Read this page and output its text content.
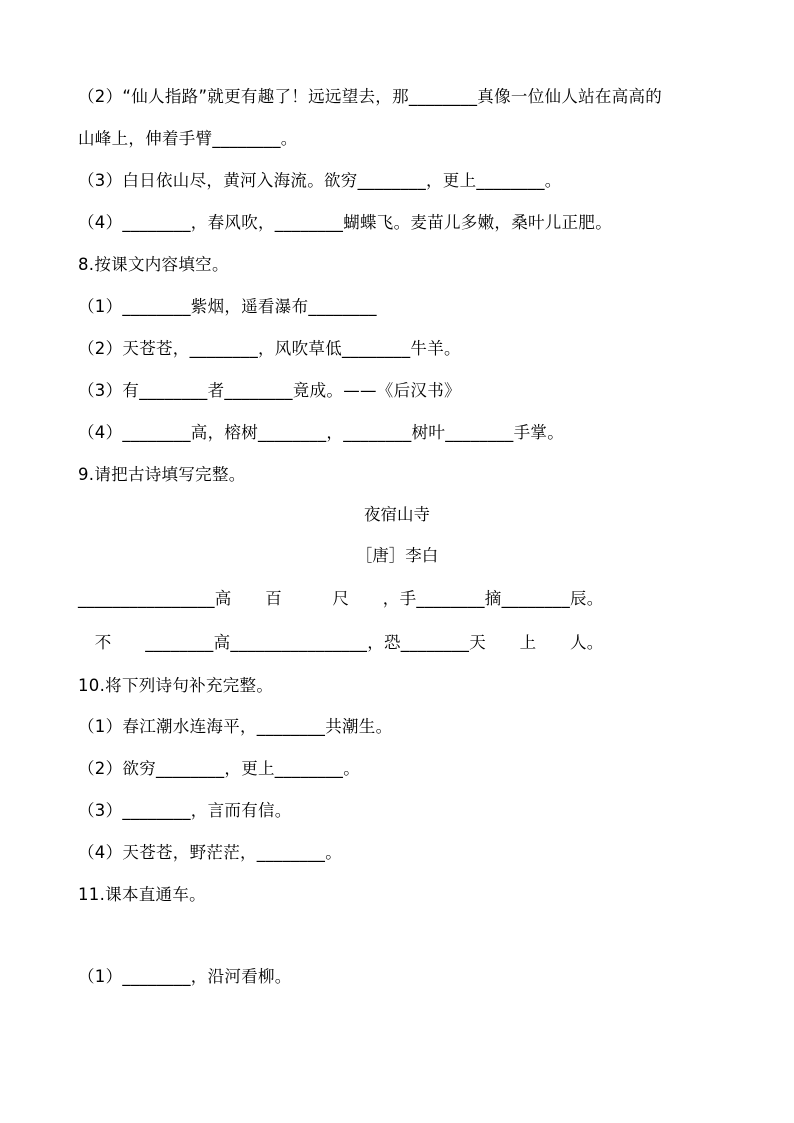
（2）“仙人指路”就更有趣了！远远望去，那________真像一位仙人站在高高的
山峰上，伸着手臂________。
（3）白日依山尽，黄河入海流。欲穷________，更上________。
（4）________，春风吹，________蝴蝶飞。麦苗儿多嫩，桑叶儿正肥。
8.按课文内容填空。
（1）________紫烟，遥看瀑布________
（2）天苍苍，________，风吹草低________牛羊。
（3）有________者________竟成。——《后汉书》
（4）________高，榕树________，________树叶________手掌。
9.请把古诗填写完整。
夜宿山寺
［唐］李白
________________高　　百　　　尺　　，手________摘________辰。
　不　　________高________________，恐________天　　上　　人。
10.将下列诗句补充完整。
（1）春江潮水连海平，________共潮生。
（2）欲穷________，更上________。
（3）________，言而有信。
（4）天苍苍，野茫茫，________。
11.课本直通车。
（1）________，沿河看柳。
